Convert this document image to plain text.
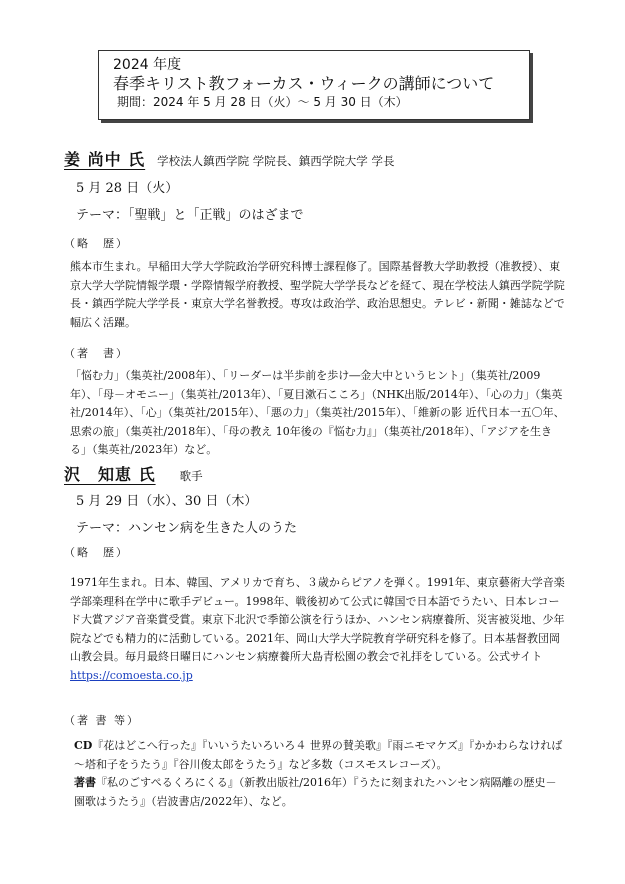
2024 年度
春季キリスト教フォーカス・ウィークの講師について
期間：2024 年 5 月 28 日（火）～ 5 月 30 日（木）
姜 尚中 氏 学校法人鎮西学院 学院長、鎮西学院大学 学長
5 月 28 日（火）
テーマ：「聖戦」と「正戦」のはざまで
（略　歴）

熊本市生まれ。早稲田大学大学院政治学研究科博士課程修了。国際基督教大学助教授（准教授）、東京大学大学院情報学環・学際情報学府教授、聖学院大学学長などを経て、現在学校法人鎮西学院学院長・鎮西学院大学学長・東京大学名誉教授。専攻は政治学、政治思想史。テレビ・新聞・雑誌などで幅広く活躍。

（著　書）

「悩む力」（集英社/2008年）、「リーダーは半歩前を歩け―金大中というヒント」（集英社/2009年）、「母－オモニー」（集英社/2013年）、「夏目漱石こころ」（NHK出版/2014年）、「心の力」（集英社/2014年）、「心」（集英社/2015年）、「悪の力」（集英社/2015年）、「維新の影 近代日本一五〇年、思索の旅」（集英社/2018年）、「母の教え 10年後の『悩む力』」（集英社/2018年）、「アジアを生きる」（集英社/2023年）など。

沢　知恵 氏 歌手
5 月 29 日（水）、30 日（木）
テーマ：ハンセン病を生きた人のうた
（略　歴）

1971年生まれ。日本、韓国、アメリカで育ち、３歳からピアノを弾く。1991年、東京藝術大学音楽学部楽理科在学中に歌手デビュー。1998年、戦後初めて公式に韓国で日本語でうたい、日本レコード大賞アジア音楽賞受賞。東京下北沢で季節公演を行うほか、ハンセン病療養所、災害被災地、少年院などでも精力的に活動している。2021年、岡山大学大学院教育学研究科を修了。日本基督教団岡山教会員。毎月最終日曜日にハンセン病療養所大島青松園の教会で礼拝をしている。公式サイトhttps://comoesta.co.jp

（著 書 等）

CD『花はどこへ行った』『いいうたいろいろ４ 世界の賛美歌』『雨ニモマケズ』『かかわらなければ～塔和子をうたう』『谷川俊太郎をうたう』など多数（コスモスレコーズ）。

著書『私のごすぺるくろにくる』（新教出版社/2016年）『うたに刻まれたハンセン病隔離の歴史－園歌はうたう』（岩波書店/2022年）、など。
